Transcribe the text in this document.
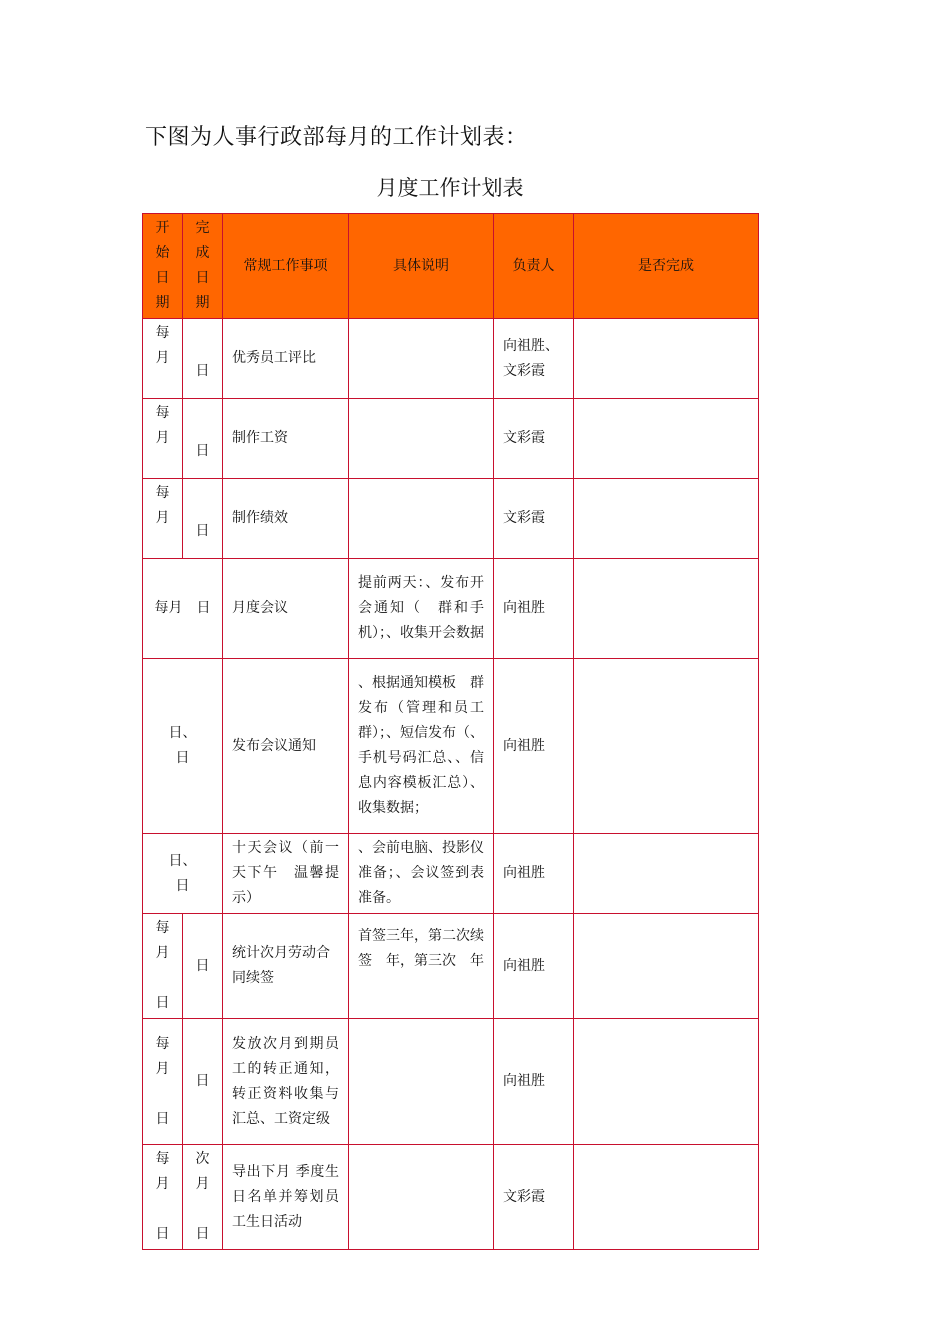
下图为人事行政部每月的工作计划表：
月度工作计划表
开
始
日
期	完
成
日
期	常规工作事项	具体说明	负责人	是否完成

每
月	日	优秀员工评比		向祖胜、文彩霞	

每
月	日	制作工资		文彩霞	

每
月	日	制作绩效		文彩霞	
每月　日		月度会议	提前两天：、发布开会通知（　群和手机）；、收集开会数据	向祖胜	

日、
日		发布会议通知	、根据通知模板　群发布（管理和员工群）；、短信发布（、手机号码汇总、、信息内容模板汇总）、收集数据；	向祖胜	

日、
日		十天会议（前一天下午　温馨提示）	、会前电脑、投影仪准备；、会议签到表准备。	向祖胜	

每
月

日	日	统计次月劳动合同续签	首签三年，第二次续签　年，第三次　年	向祖胜	

每
月

日	日	发放次月到期员工的转正通知，转正资料收集与汇总、工资定级		向祖胜	

每
月

日	次
月

日	导出下月 季度生日名单并筹划员工生日活动		文彩霞	
